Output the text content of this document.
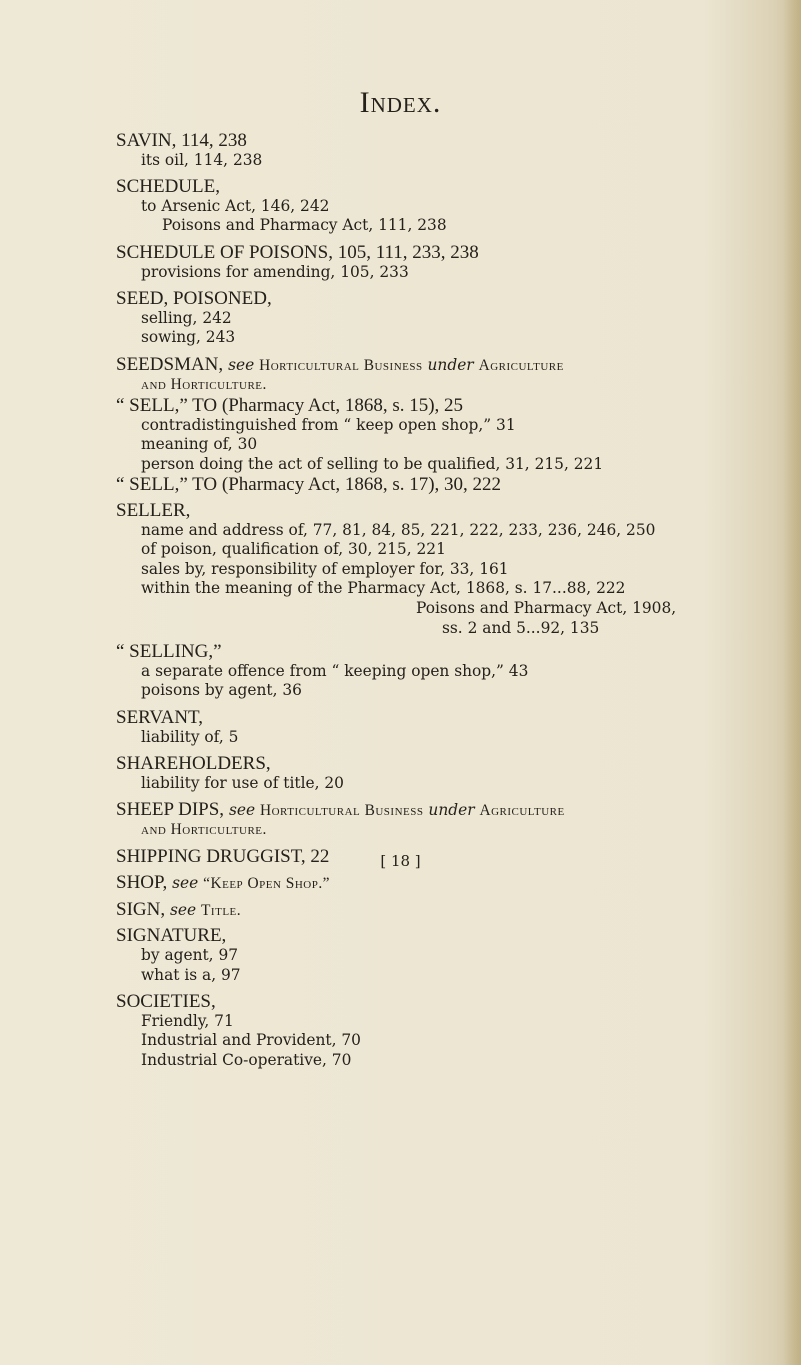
Index.
SAVIN, 114, 238
its oil, 114, 238
SCHEDULE,
to Arsenic Act, 146, 242
Poisons and Pharmacy Act, 111, 238
SCHEDULE OF POISONS, 105, 111, 233, 238
provisions for amending, 105, 233
SEED, POISONED,
selling, 242
sowing, 243
SEEDSMAN, see Horticultural Business under Agriculture
and Horticulture.
“ SELL,” TO (Pharmacy Act, 1868, s. 15), 25
contradistinguished from “ keep open shop,” 31
meaning of, 30
person doing the act of selling to be qualified, 31, 215, 221
“ SELL,” TO (Pharmacy Act, 1868, s. 17), 30, 222
SELLER,
name and address of, 77, 81, 84, 85, 221, 222, 233, 236, 246, 250
of poison, qualification of, 30, 215, 221
sales by, responsibility of employer for, 33, 161
within the meaning of the Pharmacy Act, 1868, s. 17...88, 222
Poisons and Pharmacy Act, 1908,
ss. 2 and 5...92, 135
“ SELLING,”
a separate offence from “ keeping open shop,” 43
poisons by agent, 36
SERVANT,
liability of, 5
SHAREHOLDERS,
liability for use of title, 20
SHEEP DIPS, see Horticultural Business under Agriculture
and Horticulture.
SHIPPING DRUGGIST, 22
SHOP, see “Keep Open Shop.”
SIGN, see Title.
SIGNATURE,
by agent, 97
what is a, 97
SOCIETIES,
Friendly, 71
Industrial and Provident, 70
Industrial Co-operative, 70
[ 18 ]
